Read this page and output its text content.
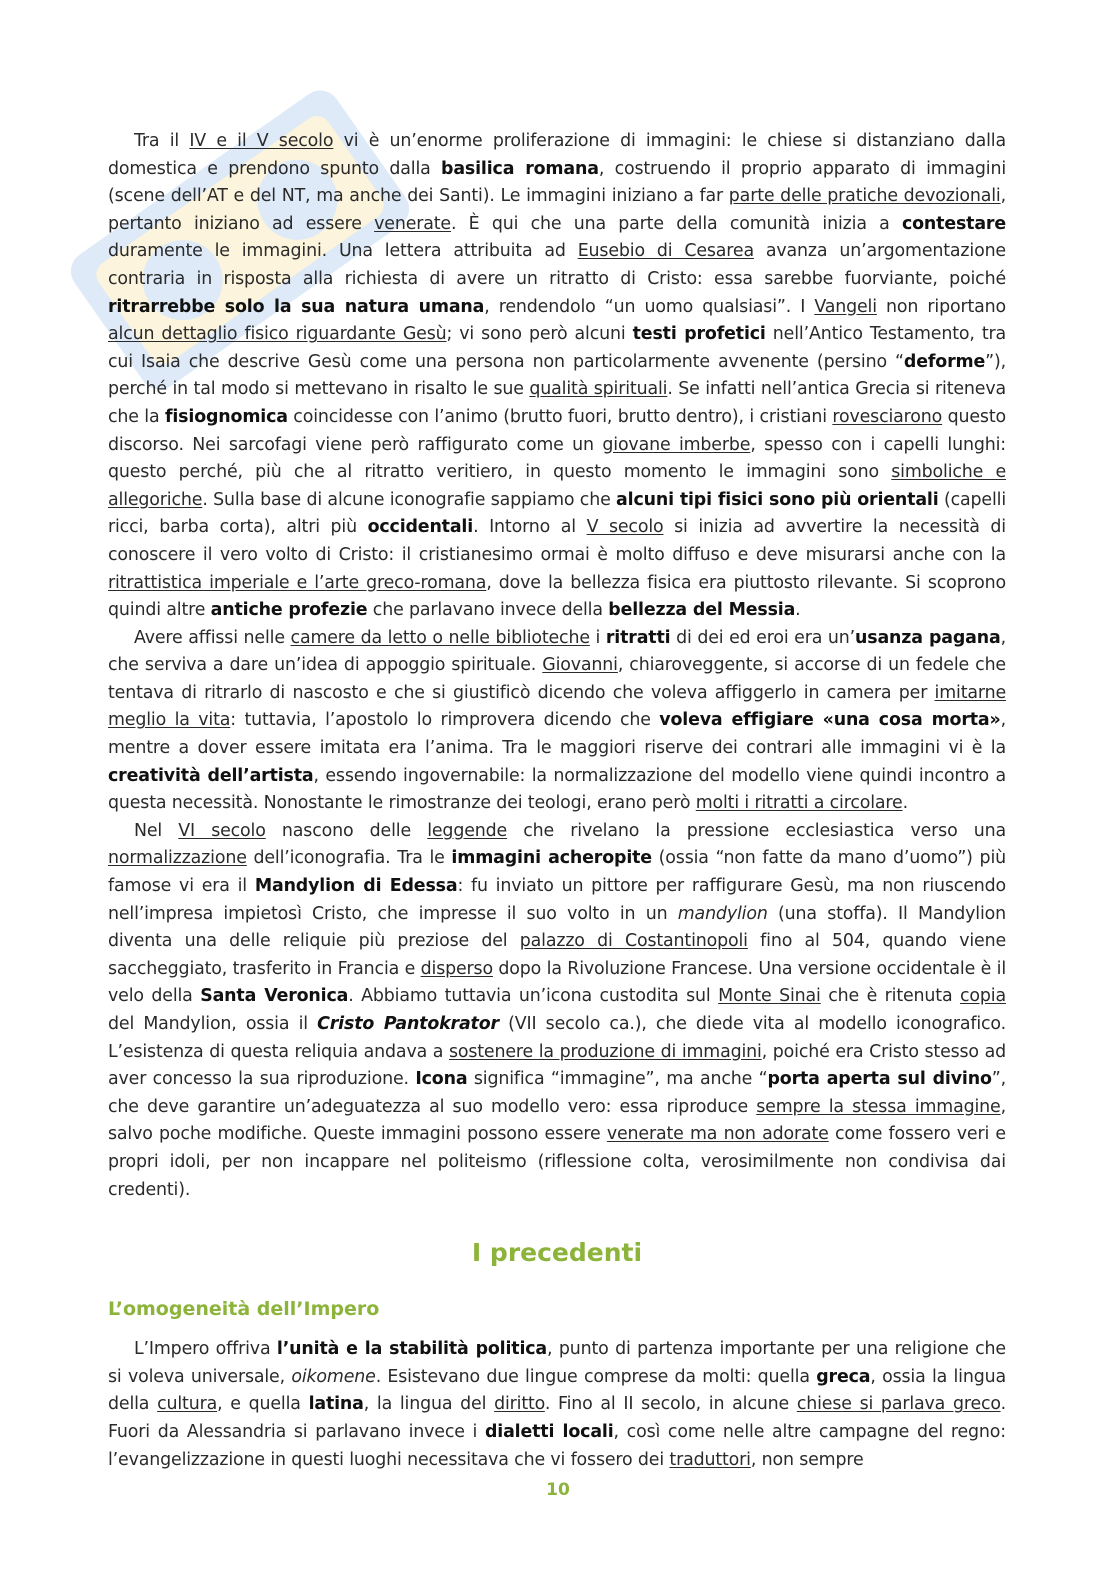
Tra il IV e il V secolo vi è un’enorme proliferazione di immagini: le chiese si distanziano dalla domestica e prendono spunto dalla basilica romana, costruendo il proprio apparato di immagini (scene dell’AT e del NT, ma anche dei Santi). Le immagini iniziano a far parte delle pratiche devozionali, pertanto iniziano ad essere venerate. È qui che una parte della comunità inizia a contestare duramente le immagini. Una lettera attribuita ad Eusebio di Cesarea avanza un’argomentazione contraria in risposta alla richiesta di avere un ritratto di Cristo: essa sarebbe fuorviante, poiché ritrarrebbe solo la sua natura umana, rendendolo “un uomo qualsiasi”. I Vangeli non riportano alcun dettaglio fisico riguardante Gesù; vi sono però alcuni testi profetici nell’Antico Testamento, tra cui Isaia che descrive Gesù come una persona non particolarmente avvenente (persino “deforme”), perché in tal modo si mettevano in risalto le sue qualità spirituali. Se infatti nell’antica Grecia si riteneva che la fisiognomica coincidesse con l’animo (brutto fuori, brutto dentro), i cristiani rovesciarono questo discorso. Nei sarcofagi viene però raffigurato come un giovane imberbe, spesso con i capelli lunghi: questo perché, più che al ritratto veritiero, in questo momento le immagini sono simboliche e allegoriche. Sulla base di alcune iconografie sappiamo che alcuni tipi fisici sono più orientali (capelli ricci, barba corta), altri più occidentali. Intorno al V secolo si inizia ad avvertire la necessità di conoscere il vero volto di Cristo: il cristianesimo ormai è molto diffuso e deve misurarsi anche con la ritrattistica imperiale e l’arte greco-romana, dove la bellezza fisica era piuttosto rilevante. Si scoprono quindi altre antiche profezie che parlavano invece della bellezza del Messia.

Avere affissi nelle camere da letto o nelle biblioteche i ritratti di dei ed eroi era un’usanza pagana, che serviva a dare un’idea di appoggio spirituale. Giovanni, chiaroveggente, si accorse di un fedele che tentava di ritrarlo di nascosto e che si giustificò dicendo che voleva affiggerlo in camera per imitarne meglio la vita: tuttavia, l’apostolo lo rimprovera dicendo che voleva effigiare «una cosa morta», mentre a dover essere imitata era l’anima. Tra le maggiori riserve dei contrari alle immagini vi è la creatività dell’artista, essendo ingovernabile: la normalizzazione del modello viene quindi incontro a questa necessità. Nonostante le rimostranze dei teologi, erano però molti i ritratti a circolare.

Nel VI secolo nascono delle leggende che rivelano la pressione ecclesiastica verso una normalizzazione dell’iconografia. Tra le immagini acheropite (ossia “non fatte da mano d’uomo”) più famose vi era il Mandylion di Edessa: fu inviato un pittore per raffigurare Gesù, ma non riuscendo nell’impresa impietosì Cristo, che impresse il suo volto in un mandylion (una stoffa). Il Mandylion diventa una delle reliquie più preziose del palazzo di Costantinopoli fino al 504, quando viene saccheggiato, trasferito in Francia e disperso dopo la Rivoluzione Francese. Una versione occidentale è il velo della Santa Veronica. Abbiamo tuttavia un’icona custodita sul Monte Sinai che è ritenuta copia del Mandylion, ossia il Cristo Pantokrator (VII secolo ca.), che diede vita al modello iconografico. L’esistenza di questa reliquia andava a sostenere la produzione di immagini, poiché era Cristo stesso ad aver concesso la sua riproduzione. Icona significa “immagine”, ma anche “porta aperta sul divino”, che deve garantire un’adeguatezza al suo modello vero: essa riproduce sempre la stessa immagine, salvo poche modifiche. Queste immagini possono essere venerate ma non adorate come fossero veri e propri idoli, per non incappare nel politeismo (riflessione colta, verosimilmente non condivisa dai credenti).

I precedenti
L’omogeneità dell’Impero

L’Impero offriva l’unità e la stabilità politica, punto di partenza importante per una religione che si voleva universale, oikomene. Esistevano due lingue comprese da molti: quella greca, ossia la lingua della cultura, e quella latina, la lingua del diritto. Fino al II secolo, in alcune chiese si parlava greco. Fuori da Alessandria si parlavano invece i dialetti locali, così come nelle altre campagne del regno: l’evangelizzazione in questi luoghi necessitava che vi fossero dei traduttori, non sempre

10
